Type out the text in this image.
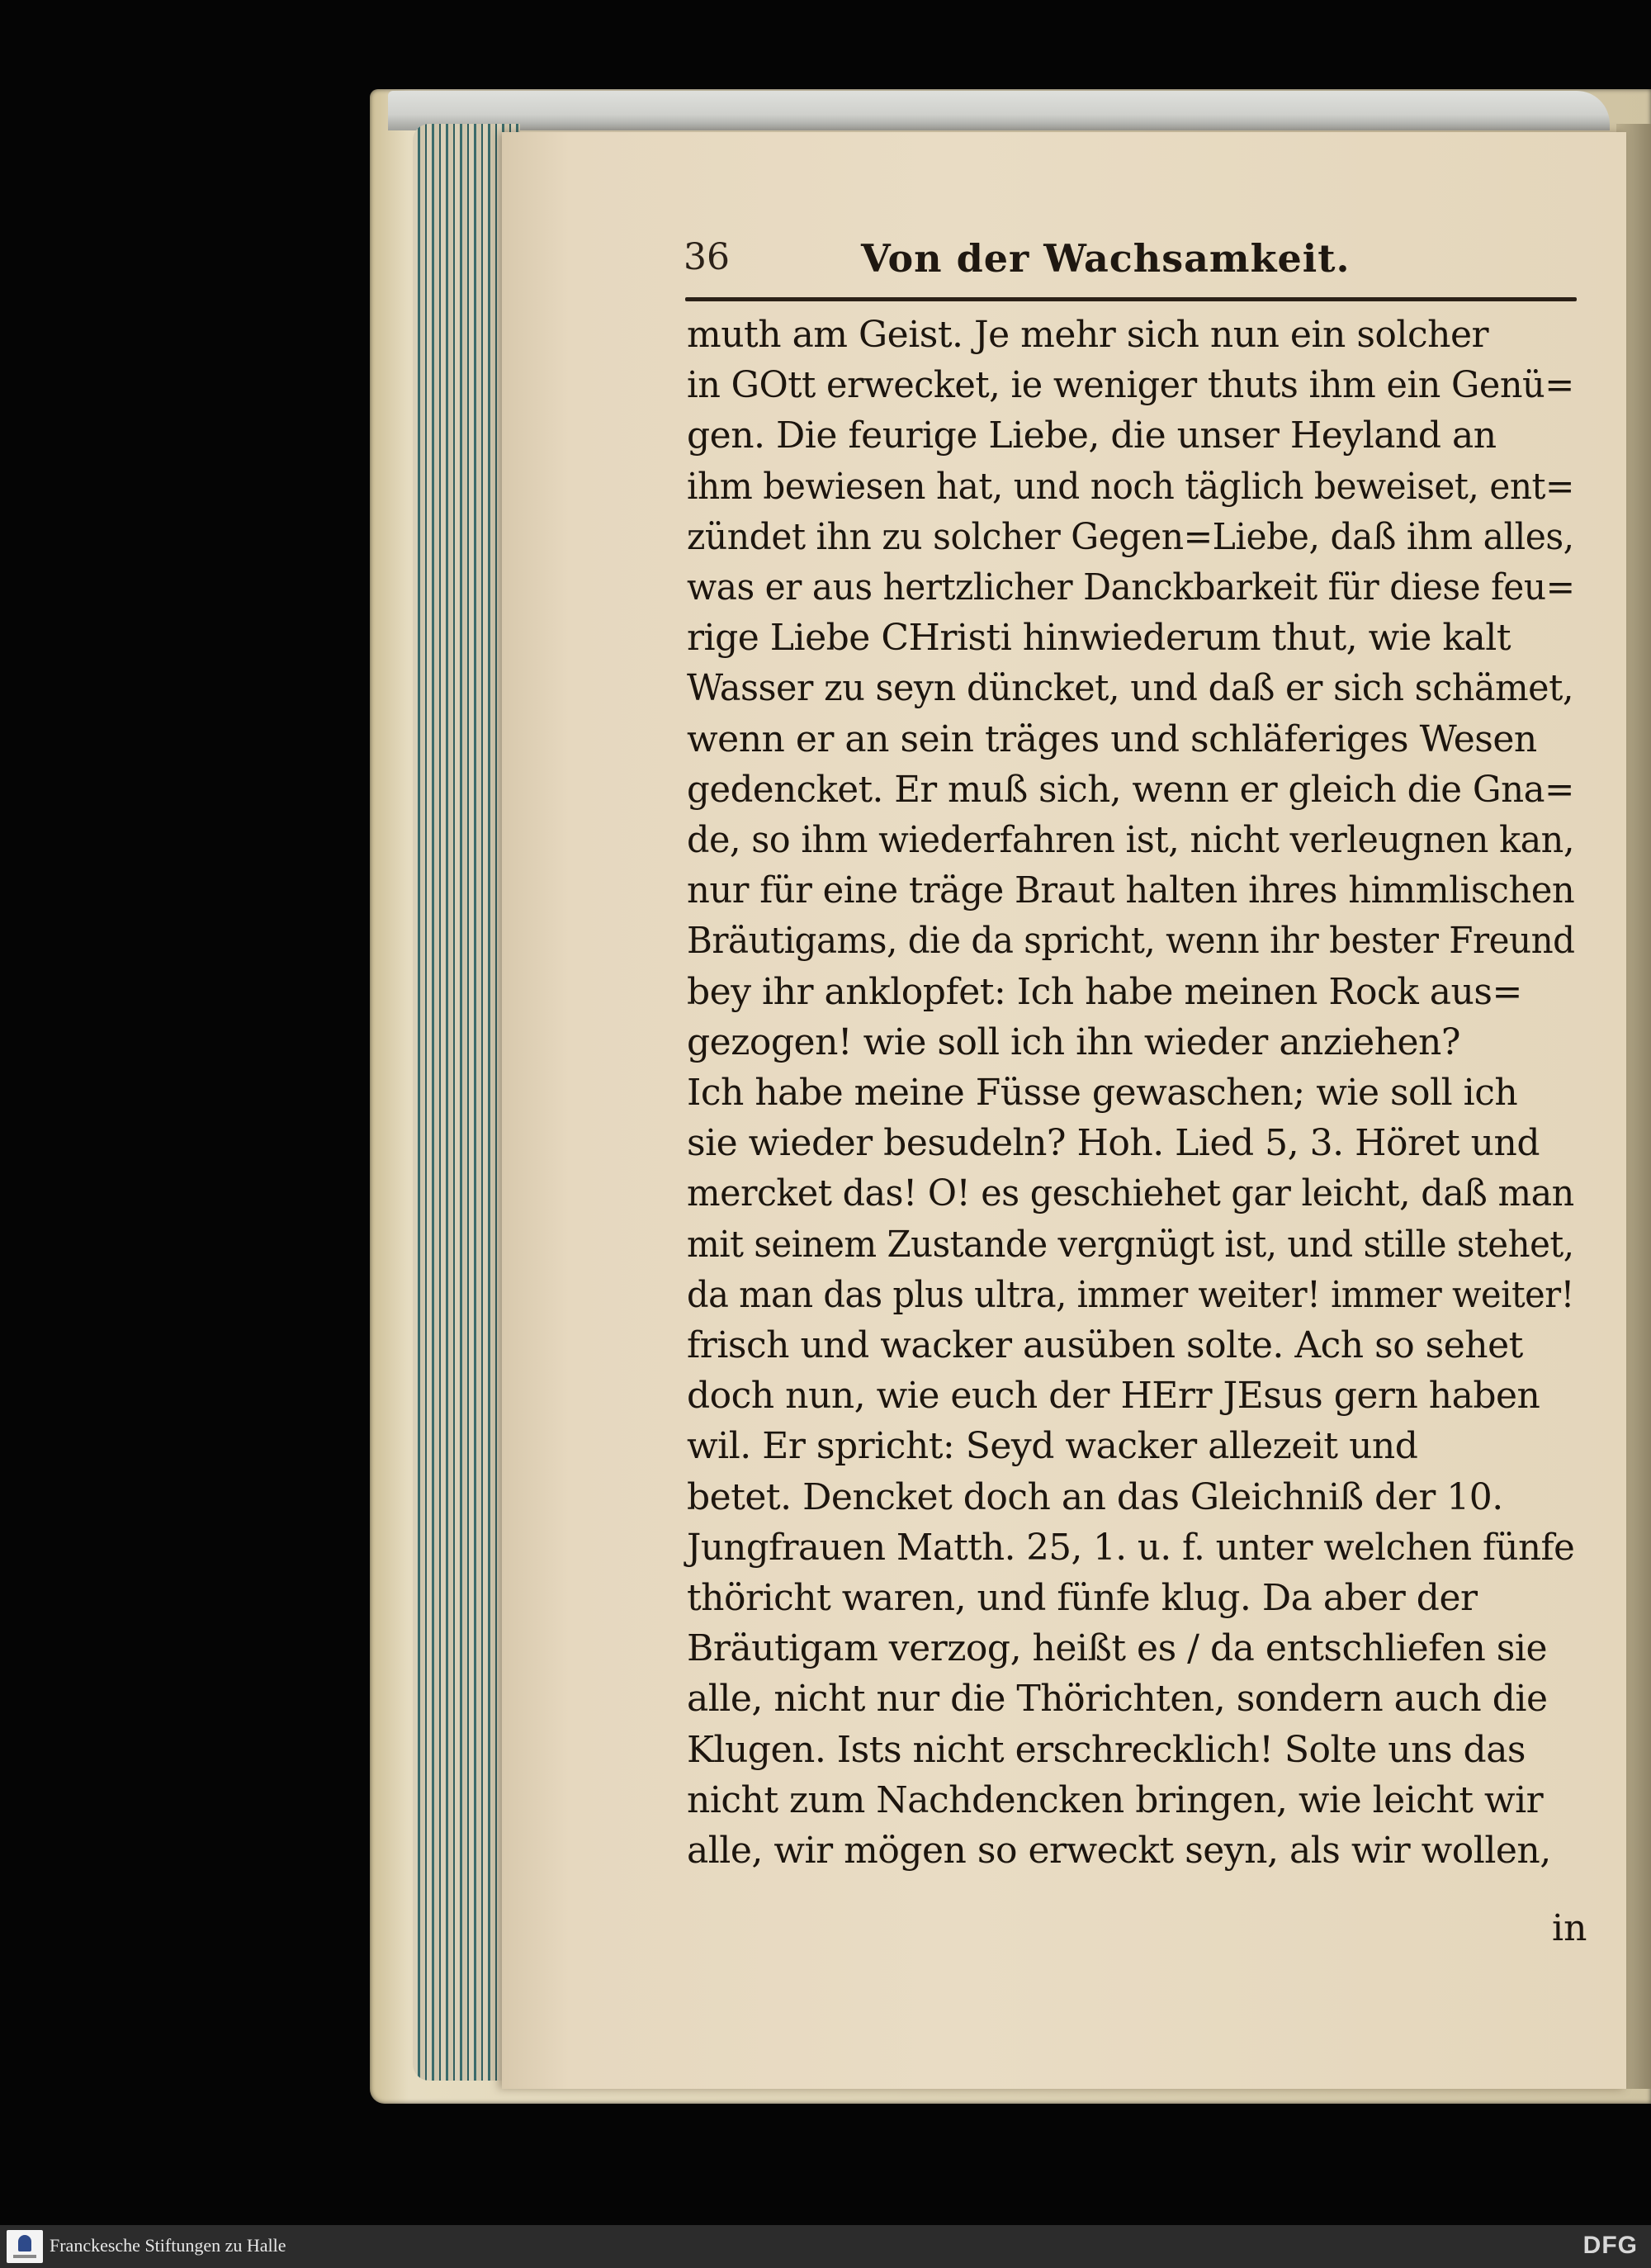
36	Von der Wachsamkeit.
muth am Geist. Je mehr sich nun ein solcher
in GOtt erwecket, ie weniger thuts ihm ein Genü=
gen. Die feurige Liebe, die unser Heyland an
ihm bewiesen hat, und noch täglich beweiset, ent=
zündet ihn zu solcher Gegen=Liebe, daß ihm alles,
was er aus hertzlicher Danckbarkeit für diese feu=
rige Liebe CHristi hinwiederum thut, wie kalt
Wasser zu seyn düncket, und daß er sich schämet,
wenn er an sein träges und schläferiges Wesen
gedencket. Er muß sich, wenn er gleich die Gna=
de, so ihm wiederfahren ist, nicht verleugnen kan,
nur für eine träge Braut halten ihres himmlischen
Bräutigams, die da spricht, wenn ihr bester Freund
bey ihr anklopfet: Ich habe meinen Rock aus=
gezogen! wie soll ich ihn wieder anziehen?
Ich habe meine Füsse gewaschen; wie soll ich
sie wieder besudeln? Hoh. Lied 5, 3. Höret und
mercket das! O! es geschiehet gar leicht, daß man
mit seinem Zustande vergnügt ist, und stille stehet,
da man das plus ultra, immer weiter! immer weiter!
frisch und wacker ausüben solte. Ach so sehet
doch nun, wie euch der HErr JEsus gern haben
wil. Er spricht: Seyd wacker allezeit und
betet. Dencket doch an das Gleichniß der 10.
Jungfrauen Matth. 25, 1. u. f. unter welchen fünfe
thöricht waren, und fünfe klug. Da aber der
Bräutigam verzog, heißt es / da entschliefen sie
alle, nicht nur die Thörichten, sondern auch die
Klugen. Ists nicht erschrecklich! Solte uns das
nicht zum Nachdencken bringen, wie leicht wir
alle, wir mögen so erweckt seyn, als wir wollen,
in
Franckesche Stiftungen zu Halle	DFG
